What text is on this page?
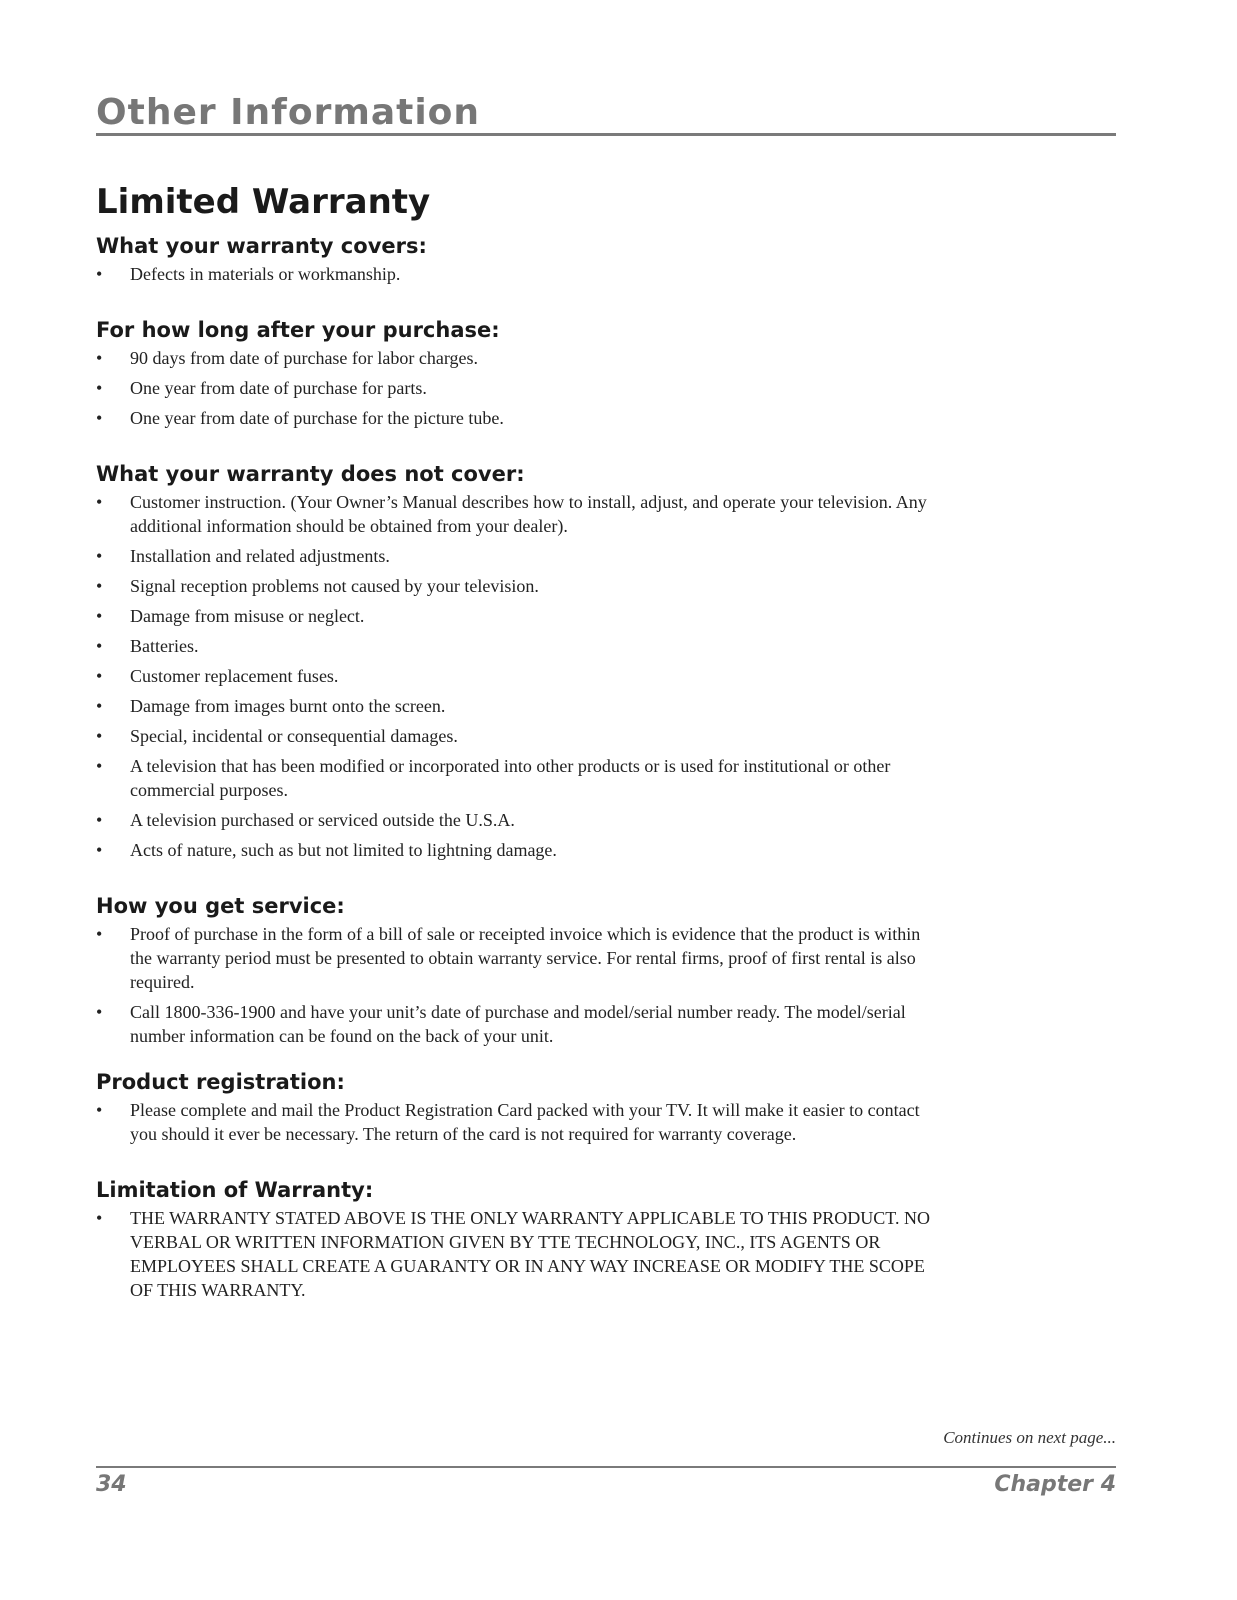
Other Information
Limited Warranty
What your warranty covers:
• Defects in materials or workmanship.
For how long after your purchase:
• 90 days from date of purchase for labor charges.
• One year from date of purchase for parts.
• One year from date of purchase for the picture tube.
What your warranty does not cover:
• Customer instruction. (Your Owner’s Manual describes how to install, adjust, and operate your television. Any additional information should be obtained from your dealer).
• Installation and related adjustments.
• Signal reception problems not caused by your television.
• Damage from misuse or neglect.
• Batteries.
• Customer replacement fuses.
• Damage from images burnt onto the screen.
• Special, incidental or consequential damages.
• A television that has been modified or incorporated into other products or is used for institutional or other commercial purposes.
• A television purchased or serviced outside the U.S.A.
• Acts of nature, such as but not limited to lightning damage.
How you get service:
• Proof of purchase in the form of a bill of sale or receipted invoice which is evidence that the product is within the warranty period must be presented to obtain warranty service. For rental firms, proof of first rental is also required.
• Call 1800-336-1900 and have your unit’s date of purchase and model/serial number ready. The model/serial number information can be found on the back of your unit.
Product registration:
• Please complete and mail the Product Registration Card packed with your TV. It will make it easier to contact you should it ever be necessary. The return of the card is not required for warranty coverage.
Limitation of Warranty:
• THE WARRANTY STATED ABOVE IS THE ONLY WARRANTY APPLICABLE TO THIS PRODUCT. NO VERBAL OR WRITTEN INFORMATION GIVEN BY TTE TECHNOLOGY, INC., ITS AGENTS OR EMPLOYEES SHALL CREATE A GUARANTY OR IN ANY WAY INCREASE OR MODIFY THE SCOPE OF THIS WARRANTY.

Continues on next page...

34	Chapter 4
